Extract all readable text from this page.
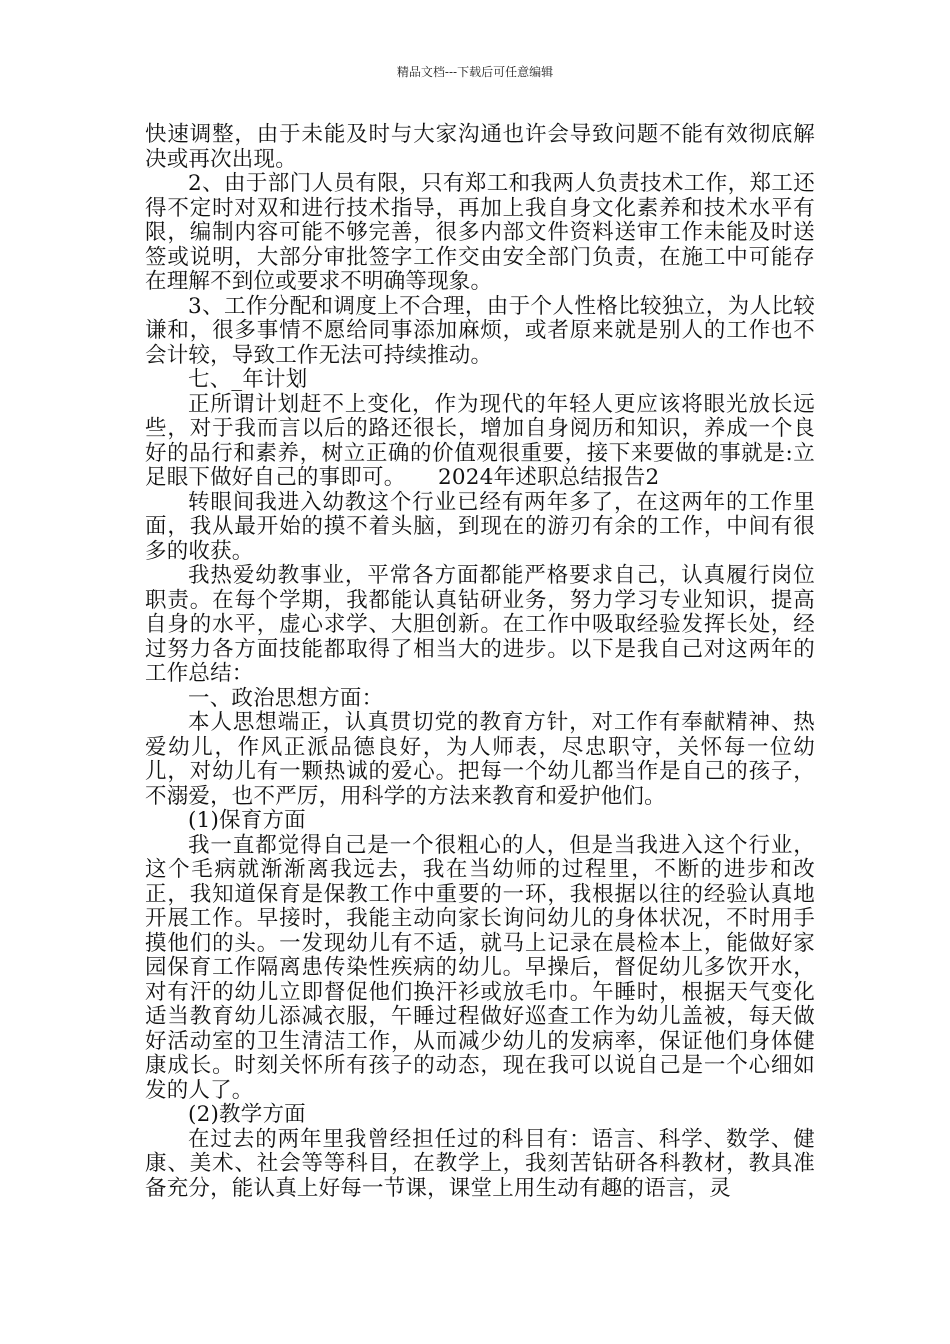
精品文档---下载后可任意编辑

快速调整，由于未能及时与大家沟通也许会导致问题不能有效彻底解决或再次出现。

2、由于部门人员有限，只有郑工和我两人负责技术工作，郑工还得不定时对双和进行技术指导，再加上我自身文化素养和技术水平有限，编制内容可能不够完善，很多内部文件资料送审工作未能及时送签或说明，大部分审批签字工作交由安全部门负责，在施工中可能存在理解不到位或要求不明确等现象。

3、工作分配和调度上不合理，由于个人性格比较独立，为人比较谦和，很多事情不愿给同事添加麻烦，或者原来就是别人的工作也不会计较，导致工作无法可持续推动。

七、_年计划

正所谓计划赶不上变化，作为现代的年轻人更应该将眼光放长远些，对于我而言以后的路还很长，增加自身阅历和知识，养成一个良好的品行和素养，树立正确的价值观很重要，接下来要做的事就是:立足眼下做好自己的事即可。　　2024年述职总结报告2

转眼间我进入幼教这个行业已经有两年多了，在这两年的工作里面，我从最开始的摸不着头脑，到现在的游刃有余的工作，中间有很多的收获。

我热爱幼教事业，平常各方面都能严格要求自己，认真履行岗位职责。在每个学期，我都能认真钻研业务，努力学习专业知识，提高自身的水平，虚心求学、大胆创新。在工作中吸取经验发挥长处，经过努力各方面技能都取得了相当大的进步。以下是我自己对这两年的工作总结：

一、政治思想方面：

本人思想端正，认真贯切党的教育方针，对工作有奉献精神、热爱幼儿，作风正派品德良好，为人师表，尽忠职守，关怀每一位幼儿，对幼儿有一颗热诚的爱心。把每一个幼儿都当作是自己的孩子，不溺爱，也不严厉，用科学的方法来教育和爱护他们。

(1)保育方面

我一直都觉得自己是一个很粗心的人，但是当我进入这个行业，这个毛病就渐渐离我远去，我在当幼师的过程里，不断的进步和改正，我知道保育是保教工作中重要的一环，我根据以往的经验认真地开展工作。早接时，我能主动向家长询问幼儿的身体状况，不时用手摸他们的头。一发现幼儿有不适，就马上记录在晨检本上，能做好家园保育工作隔离患传染性疾病的幼儿。早操后，督促幼儿多饮开水，对有汗的幼儿立即督促他们换汗衫或放毛巾。午睡时，根据天气变化适当教育幼儿添减衣服，午睡过程做好巡查工作为幼儿盖被，每天做好活动室的卫生清洁工作，从而减少幼儿的发病率，保证他们身体健康成长。时刻关怀所有孩子的动态，现在我可以说自己是一个心细如发的人了。

(2)教学方面

在过去的两年里我曾经担任过的科目有：语言、科学、数学、健康、美术、社会等等科目，在教学上，我刻苦钻研各科教材，教具准备充分，能认真上好每一节课，课堂上用生动有趣的语言，灵
